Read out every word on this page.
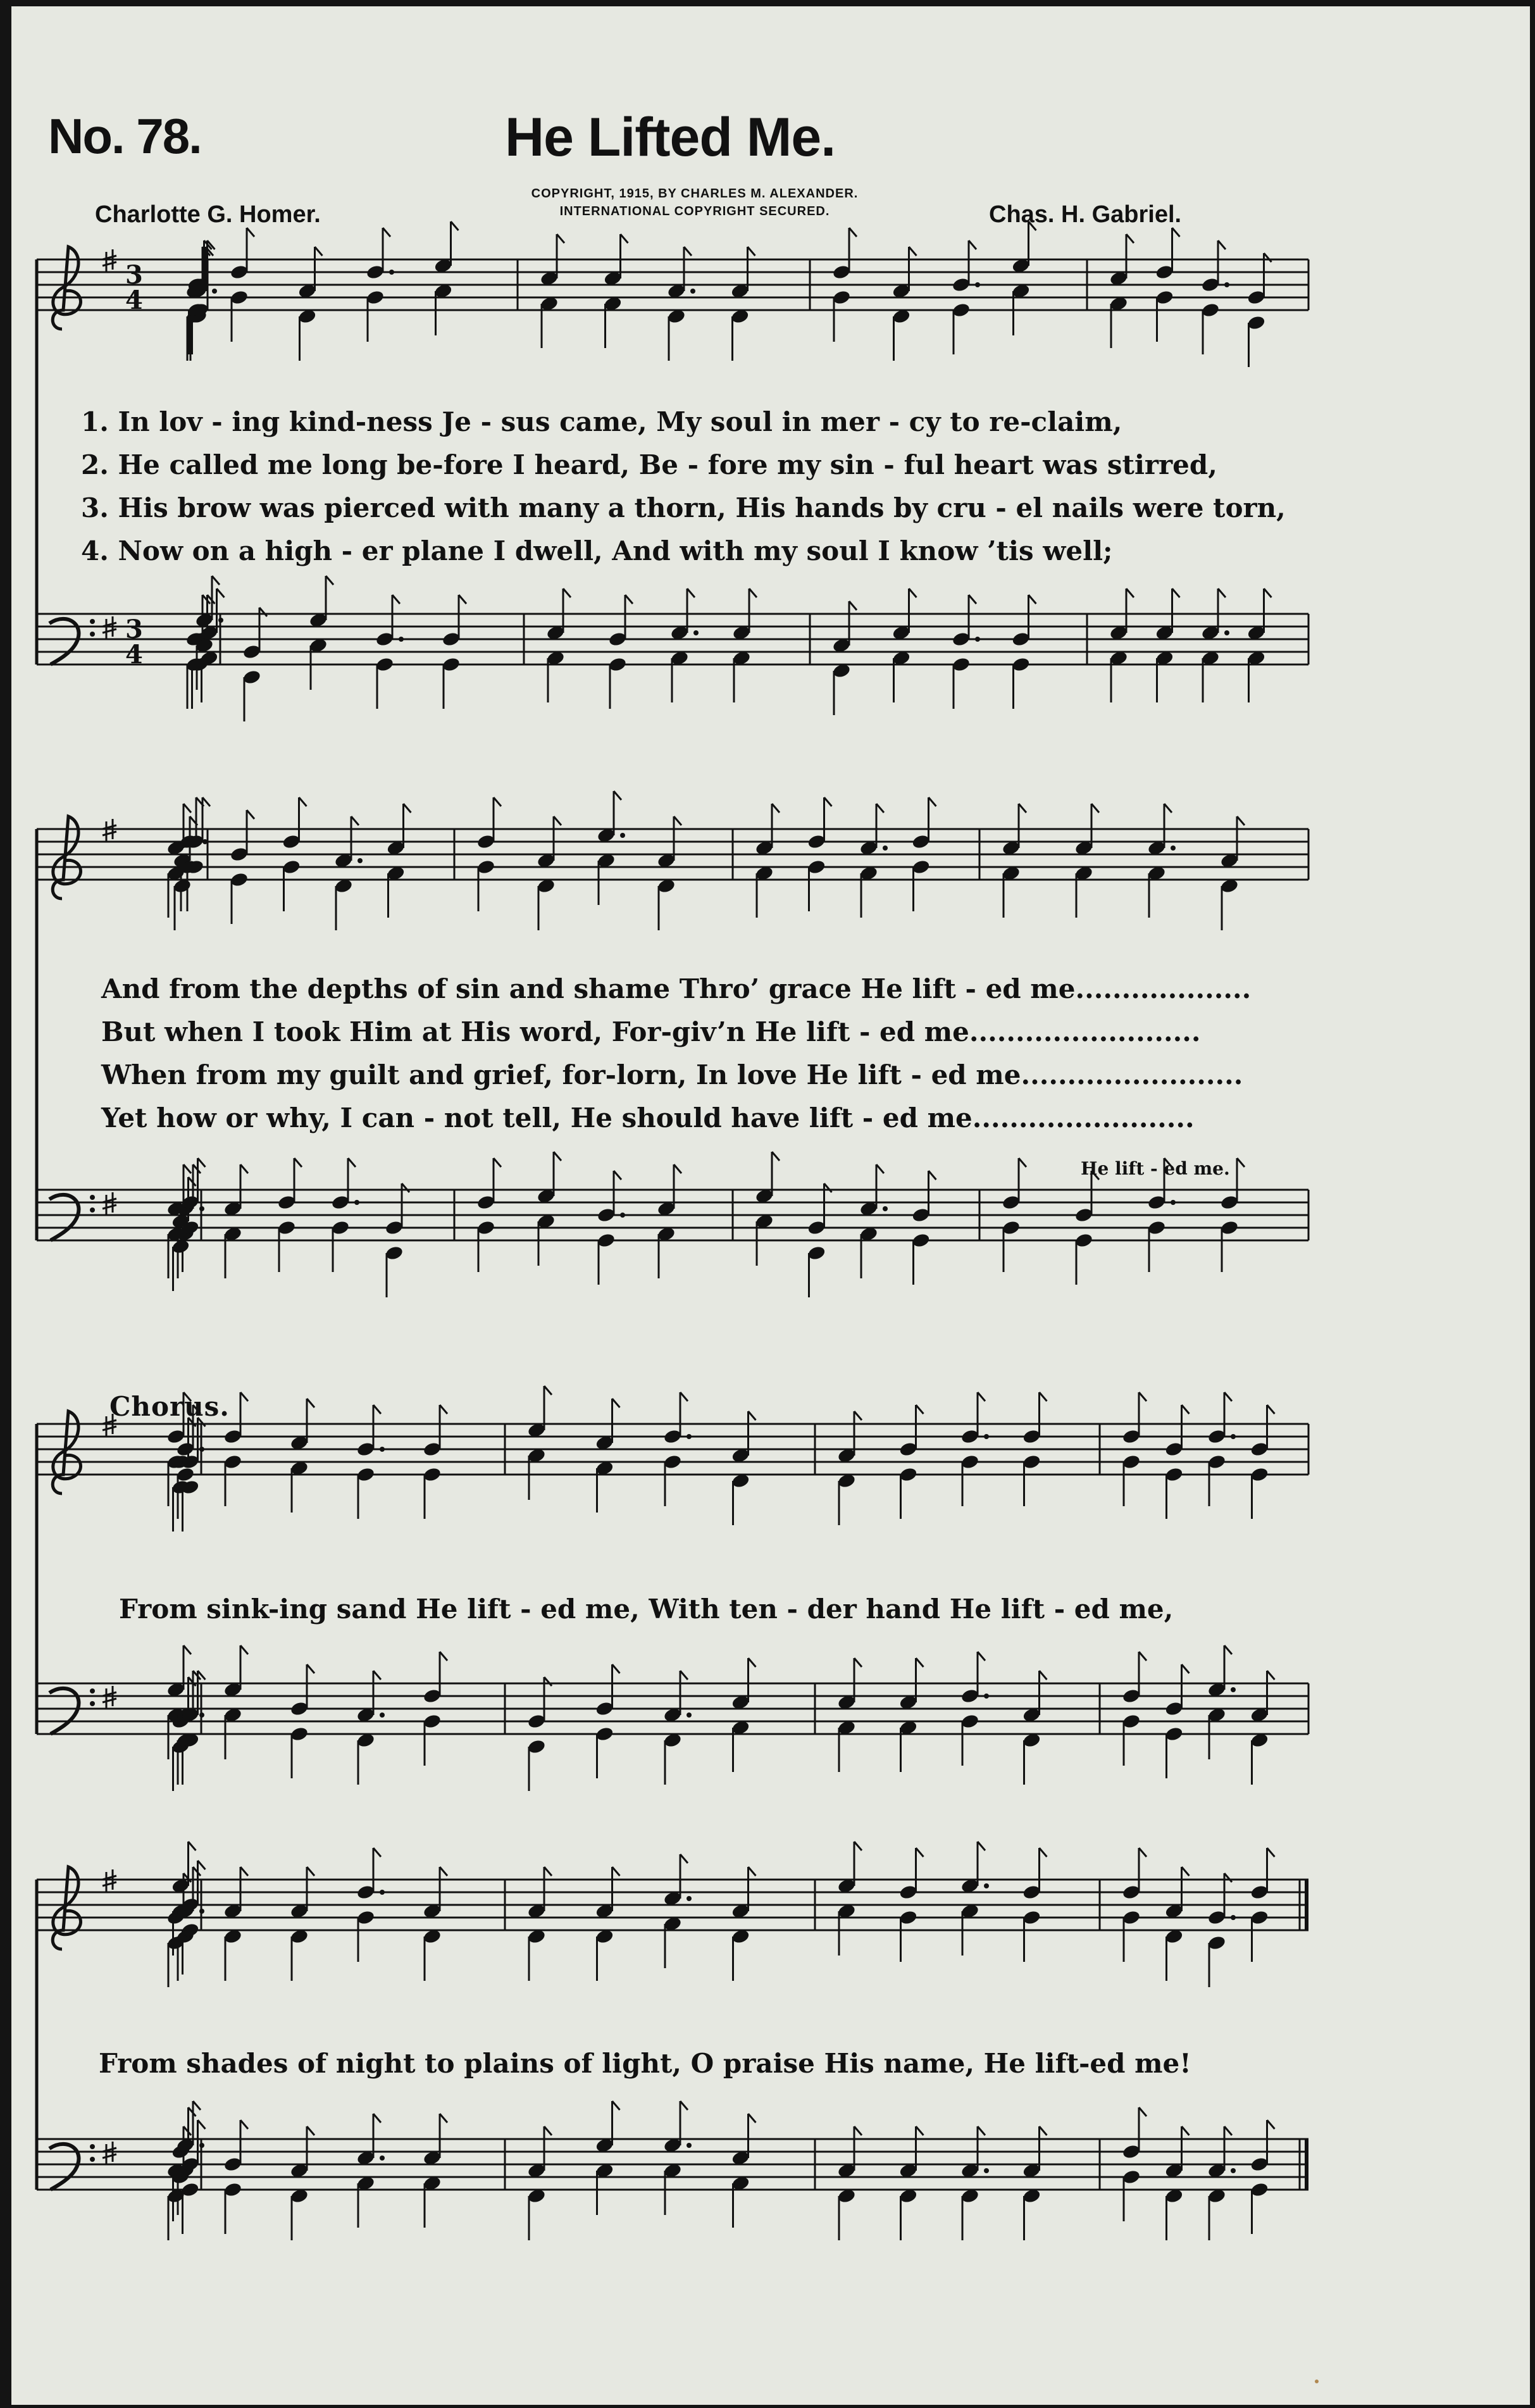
3
4
3
4

No. 78.	He Lifted Me.

COPYRIGHT, 1915, BY CHARLES M. ALEXANDER.
INTERNATIONAL COPYRIGHT SECURED.

Charlotte G. Homer.	Chas. H. Gabriel.

1. In lov - ing kind-ness Je - sus came, My soul in mer - cy to re-claim,

2. He called me long be-fore I heard, Be - fore my sin - ful heart was stirred,

3. His brow was pierced with many a thorn, His hands by cru - el nails were torn,

4. Now on a high - er plane I dwell, And with my soul I know ’tis well;

And from the depths of sin and shame Thro’ grace He lift - ed me...................

But when I took Him at His word, For-giv’n He lift - ed me.........................

When from my guilt and grief, for-lorn, In love He lift - ed me........................

Yet how or why, I can - not tell, He should have lift - ed me........................

He lift - ed me.

Chorus.

From sink-ing sand He lift - ed me, With ten - der hand He lift - ed me,

From shades of night to plains of light, O praise His name, He lift-ed me!
